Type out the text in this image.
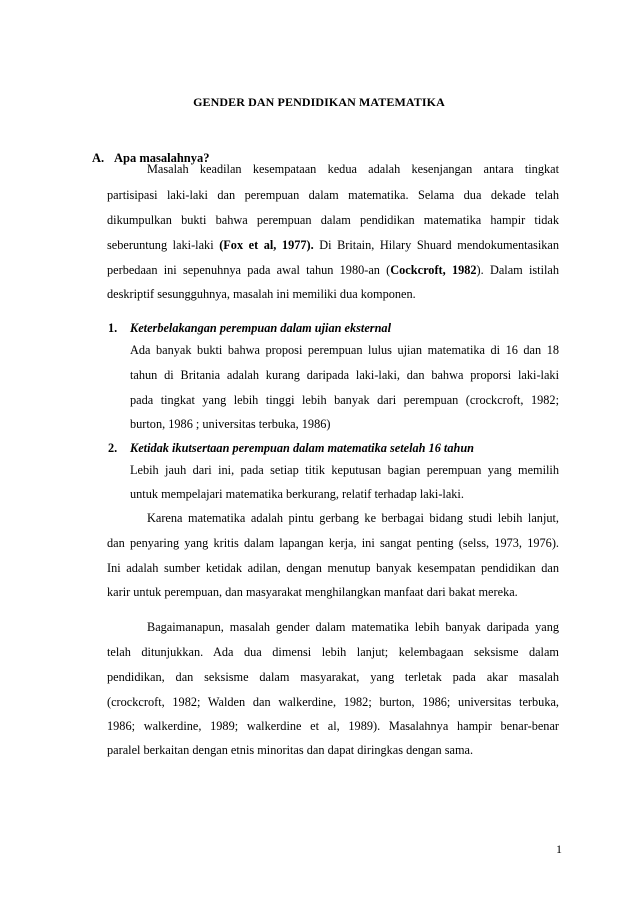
GENDER DAN PENDIDIKAN MATEMATIKA
A. Apa masalahnya?
Masalah keadilan kesempataan kedua adalah kesenjangan antara tingkat
partisipasi laki-laki dan perempuan dalam matematika. Selama dua dekade telah
dikumpulkan bukti bahwa perempuan dalam pendidikan matematika hampir tidak
seberuntung laki-laki (Fox et al, 1977). Di Britain, Hilary Shuard mendokumentasikan
perbedaan ini sepenuhnya pada awal tahun 1980-an (Cockcroft, 1982). Dalam istilah
deskriptif sesungguhnya, masalah ini memiliki dua komponen.
1. Keterbelakangan perempuan dalam ujian eksternal
Ada banyak bukti bahwa proposi perempuan lulus ujian matematika di 16 dan 18
tahun di Britania adalah kurang daripada laki-laki, dan bahwa proporsi laki-laki
pada tingkat yang lebih tinggi lebih banyak dari perempuan (crockcroft, 1982;
burton, 1986 ; universitas terbuka, 1986)
2. Ketidak ikutsertaan perempuan dalam matematika setelah 16 tahun
Lebih jauh dari ini, pada setiap titik keputusan bagian perempuan yang memilih
untuk mempelajari matematika berkurang, relatif terhadap laki-laki.
Karena matematika adalah pintu gerbang ke berbagai bidang studi lebih lanjut,
dan penyaring yang kritis dalam lapangan kerja, ini sangat penting (selss, 1973, 1976).
Ini adalah sumber ketidak adilan, dengan menutup banyak kesempatan pendidikan dan
karir untuk perempuan, dan masyarakat menghilangkan manfaat dari bakat mereka.
Bagaimanapun, masalah gender dalam matematika lebih banyak daripada yang
telah ditunjukkan. Ada dua dimensi lebih lanjut; kelembagaan seksisme dalam
pendidikan, dan seksisme dalam masyarakat, yang terletak pada akar masalah
(crockcroft, 1982; Walden dan walkerdine, 1982; burton, 1986; universitas terbuka,
1986; walkerdine, 1989; walkerdine et al, 1989). Masalahnya hampir benar-benar
paralel berkaitan dengan etnis minoritas dan dapat diringkas dengan sama.
1
